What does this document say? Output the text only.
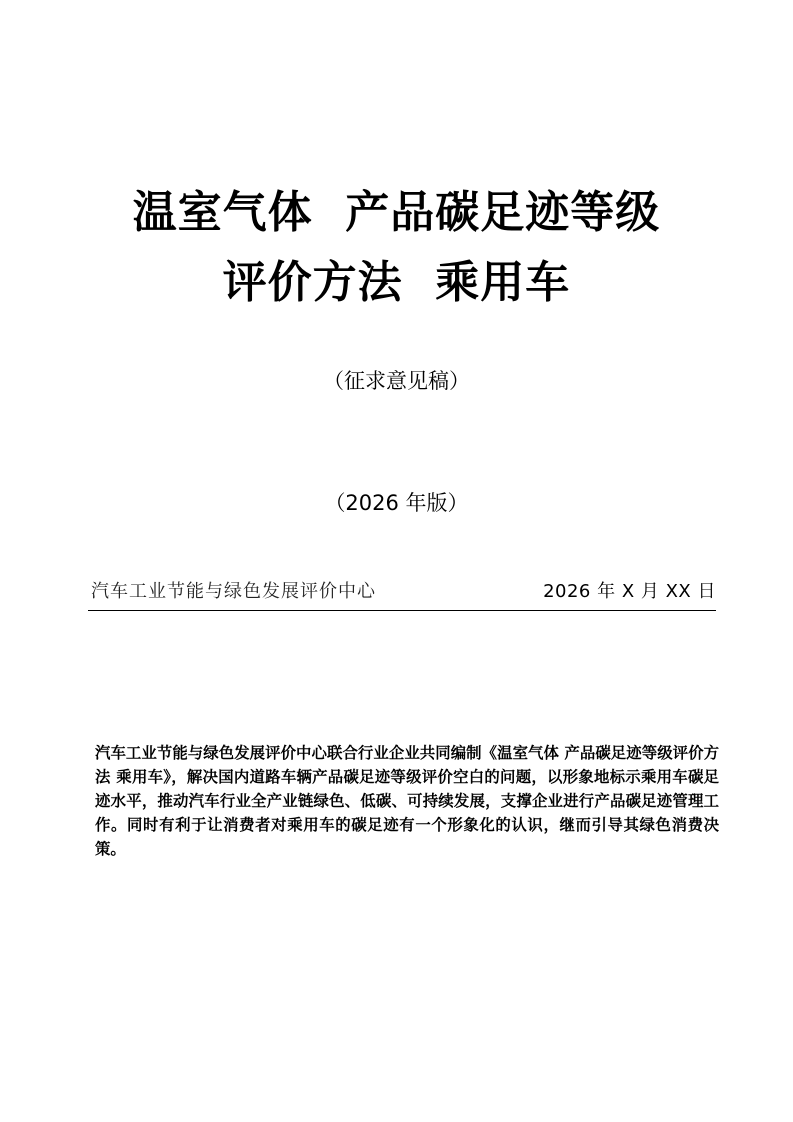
温室气体  产品碳足迹等级
评价方法  乘用车
（征求意见稿）
（2026 年版）
汽车工业节能与绿色发展评价中心	2026 年 X 月 XX 日

汽车工业节能与绿色发展评价中心联合行业企业共同编制《温室气体 产品碳足迹等级评价方法 乘用车》，解决国内道路车辆产品碳足迹等级评价空白的问题，以形象地标示乘用车碳足迹水平，推动汽车行业全产业链绿色、低碳、可持续发展，支撑企业进行产品碳足迹管理工作。同时有利于让消费者对乘用车的碳足迹有一个形象化的认识，继而引导其绿色消费决策。
